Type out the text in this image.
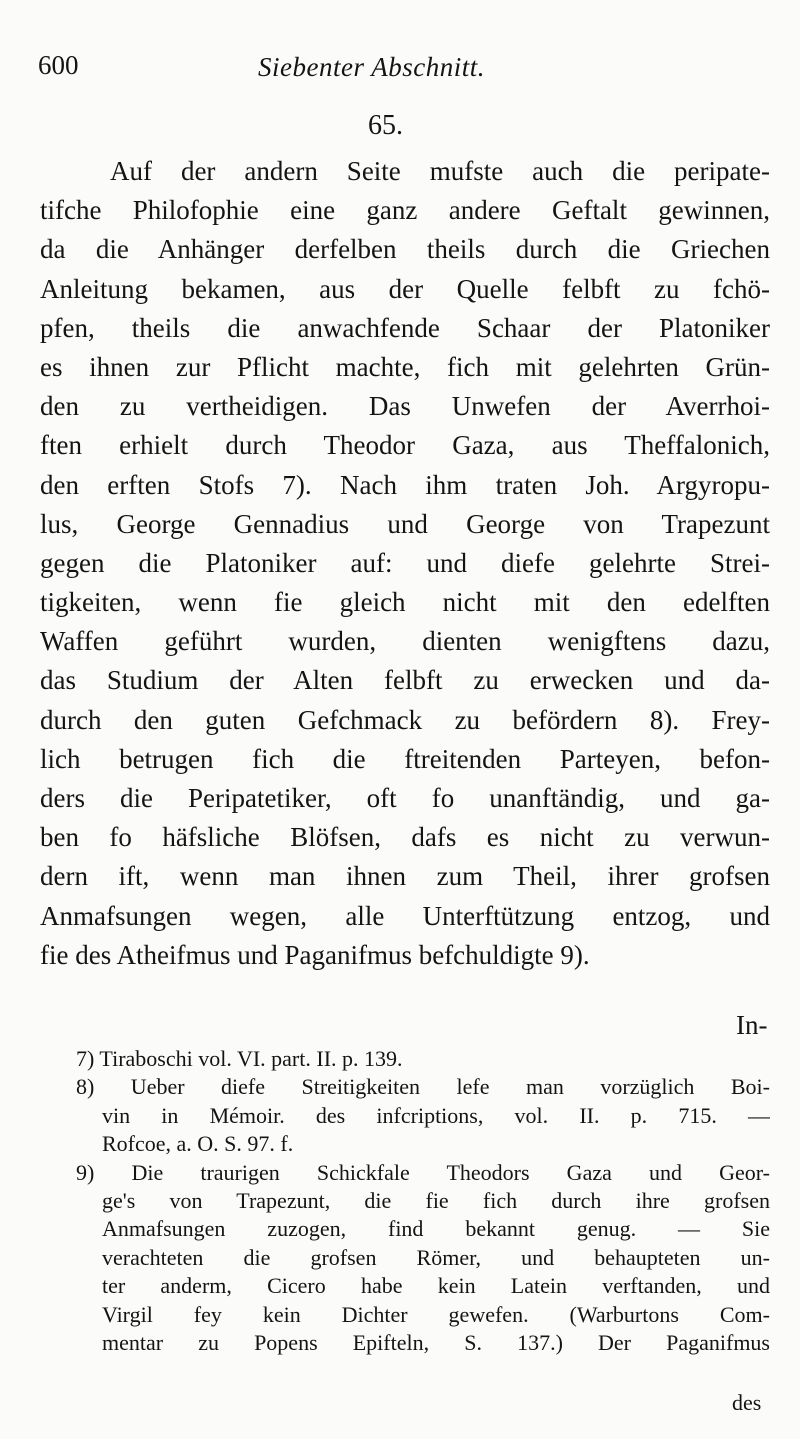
600	Siebenter Abschnitt.
65.
Auf der andern Seite mufste auch die peripate-
tifche Philofophie eine ganz andere Geftalt gewinnen,
da die Anhänger derfelben theils durch die Griechen
Anleitung bekamen, aus der Quelle felbft zu fchö-
pfen, theils die anwachfende Schaar der Platoniker
es ihnen zur Pflicht machte, fich mit gelehrten Grün-
den zu vertheidigen. Das Unwefen der Averrhoi-
ften erhielt durch Theodor Gaza, aus Theffalonich,
den erften Stofs 7). Nach ihm traten Joh. Argyropu-
lus, George Gennadius und George von Trapezunt
gegen die Platoniker auf: und diefe gelehrte Strei-
tigkeiten, wenn fie gleich nicht mit den edelften
Waffen geführt wurden, dienten wenigftens dazu,
das Studium der Alten felbft zu erwecken und da-
durch den guten Gefchmack zu befördern 8). Frey-
lich betrugen fich die ftreitenden Parteyen, befon-
ders die Peripatetiker, oft fo unanftändig, und ga-
ben fo häfsliche Blöfsen, dafs es nicht zu verwun-
dern ift, wenn man ihnen zum Theil, ihrer grofsen
Anmafsungen wegen, alle Unterftützung entzog, und
fie des Atheifmus und Paganifmus befchuldigte 9).
In-
7) Tiraboschi vol. VI. part. II. p. 139.
8) Ueber diefe Streitigkeiten lefe man vorzüglich Boi-
vin in Mémoir. des infcriptions, vol. II. p. 715. —
Rofcoe, a. O. S. 97. f.
9) Die traurigen Schickfale Theodors Gaza und Geor-
ge's von Trapezunt, die fie fich durch ihre grofsen
Anmafsungen zuzogen, find bekannt genug. — Sie
verachteten die grofsen Römer, und behaupteten un-
ter anderm, Cicero habe kein Latein verftanden, und
Virgil fey kein Dichter gewefen. (Warburtons Com-
mentar zu Popens Epifteln, S. 137.) Der Paganifmus
des
